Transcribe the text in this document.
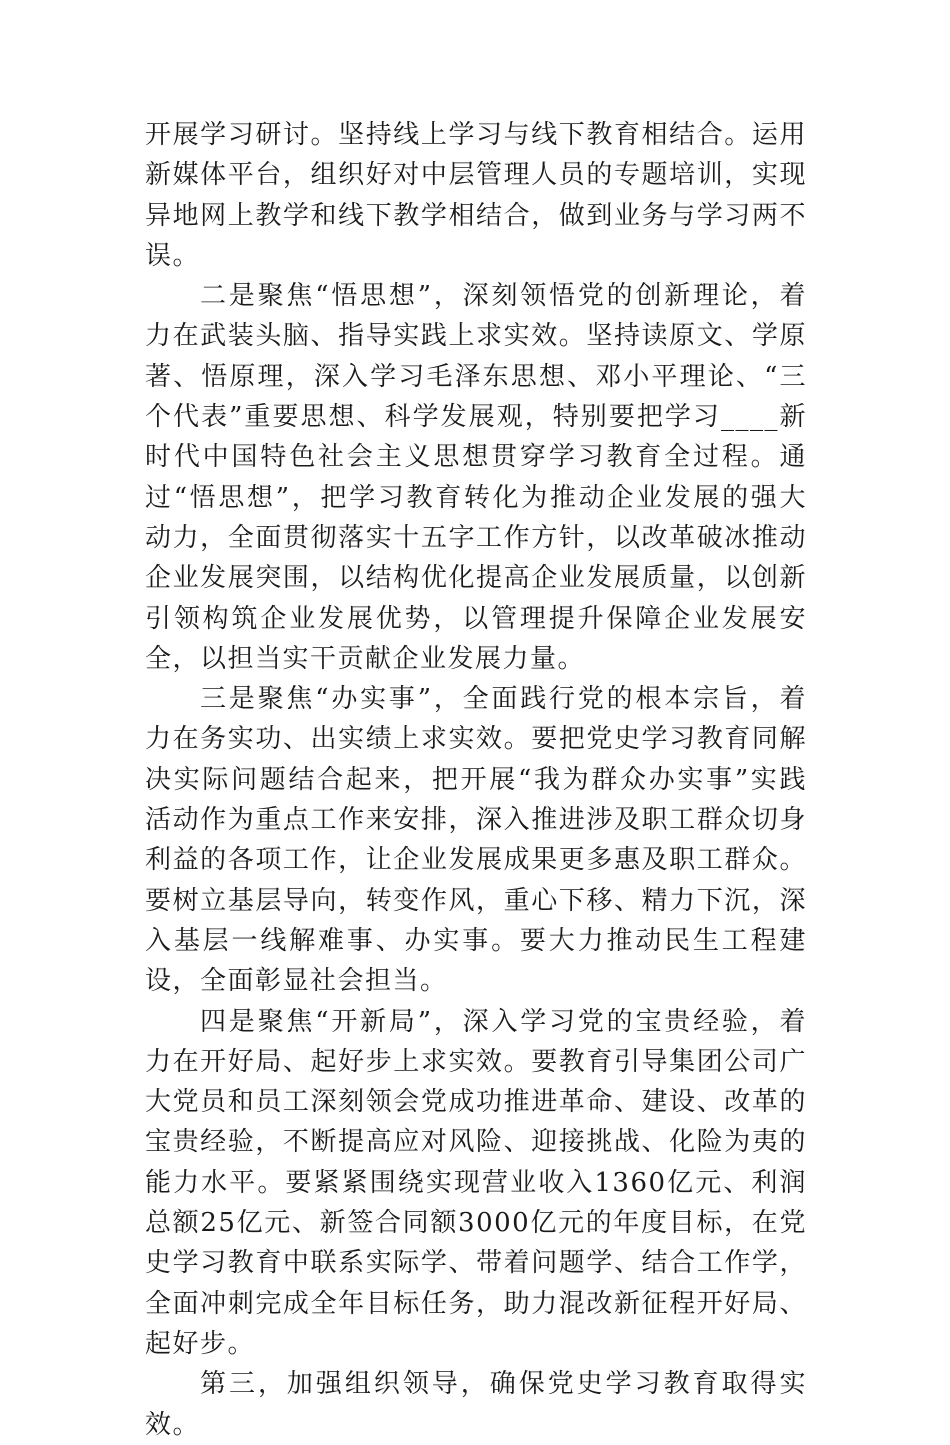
开展学习研讨。坚持线上学习与线下教育相结合。运用新媒体平台，组织好对中层管理人员的专题培训，实现异地网上教学和线下教学相结合，做到业务与学习两不误。

二是聚焦“悟思想”，深刻领悟党的创新理论，着力在武装头脑、指导实践上求实效。坚持读原文、学原著、悟原理，深入学习毛泽东思想、邓小平理论、“三个代表”重要思想、科学发展观，特别要把学习____新时代中国特色社会主义思想贯穿学习教育全过程。通过“悟思想”，把学习教育转化为推动企业发展的强大动力，全面贯彻落实十五字工作方针，以改革破冰推动企业发展突围，以结构优化提高企业发展质量，以创新引领构筑企业发展优势，以管理提升保障企业发展安全，以担当实干贡献企业发展力量。

三是聚焦“办实事”，全面践行党的根本宗旨，着力在务实功、出实绩上求实效。要把党史学习教育同解决实际问题结合起来，把开展“我为群众办实事”实践活动作为重点工作来安排，深入推进涉及职工群众切身利益的各项工作，让企业发展成果更多惠及职工群众。要树立基层导向，转变作风，重心下移、精力下沉，深入基层一线解难事、办实事。要大力推动民生工程建设，全面彰显社会担当。

四是聚焦“开新局”，深入学习党的宝贵经验，着力在开好局、起好步上求实效。要教育引导集团公司广大党员和员工深刻领会党成功推进革命、建设、改革的宝贵经验，不断提高应对风险、迎接挑战、化险为夷的能力水平。要紧紧围绕实现营业收入1360亿元、利润总额25亿元、新签合同额3000亿元的年度目标，在党史学习教育中联系实际学、带着问题学、结合工作学，全面冲刺完成全年目标任务，助力混改新征程开好局、起好步。

第三，加强组织领导，确保党史学习教育取得实效。
